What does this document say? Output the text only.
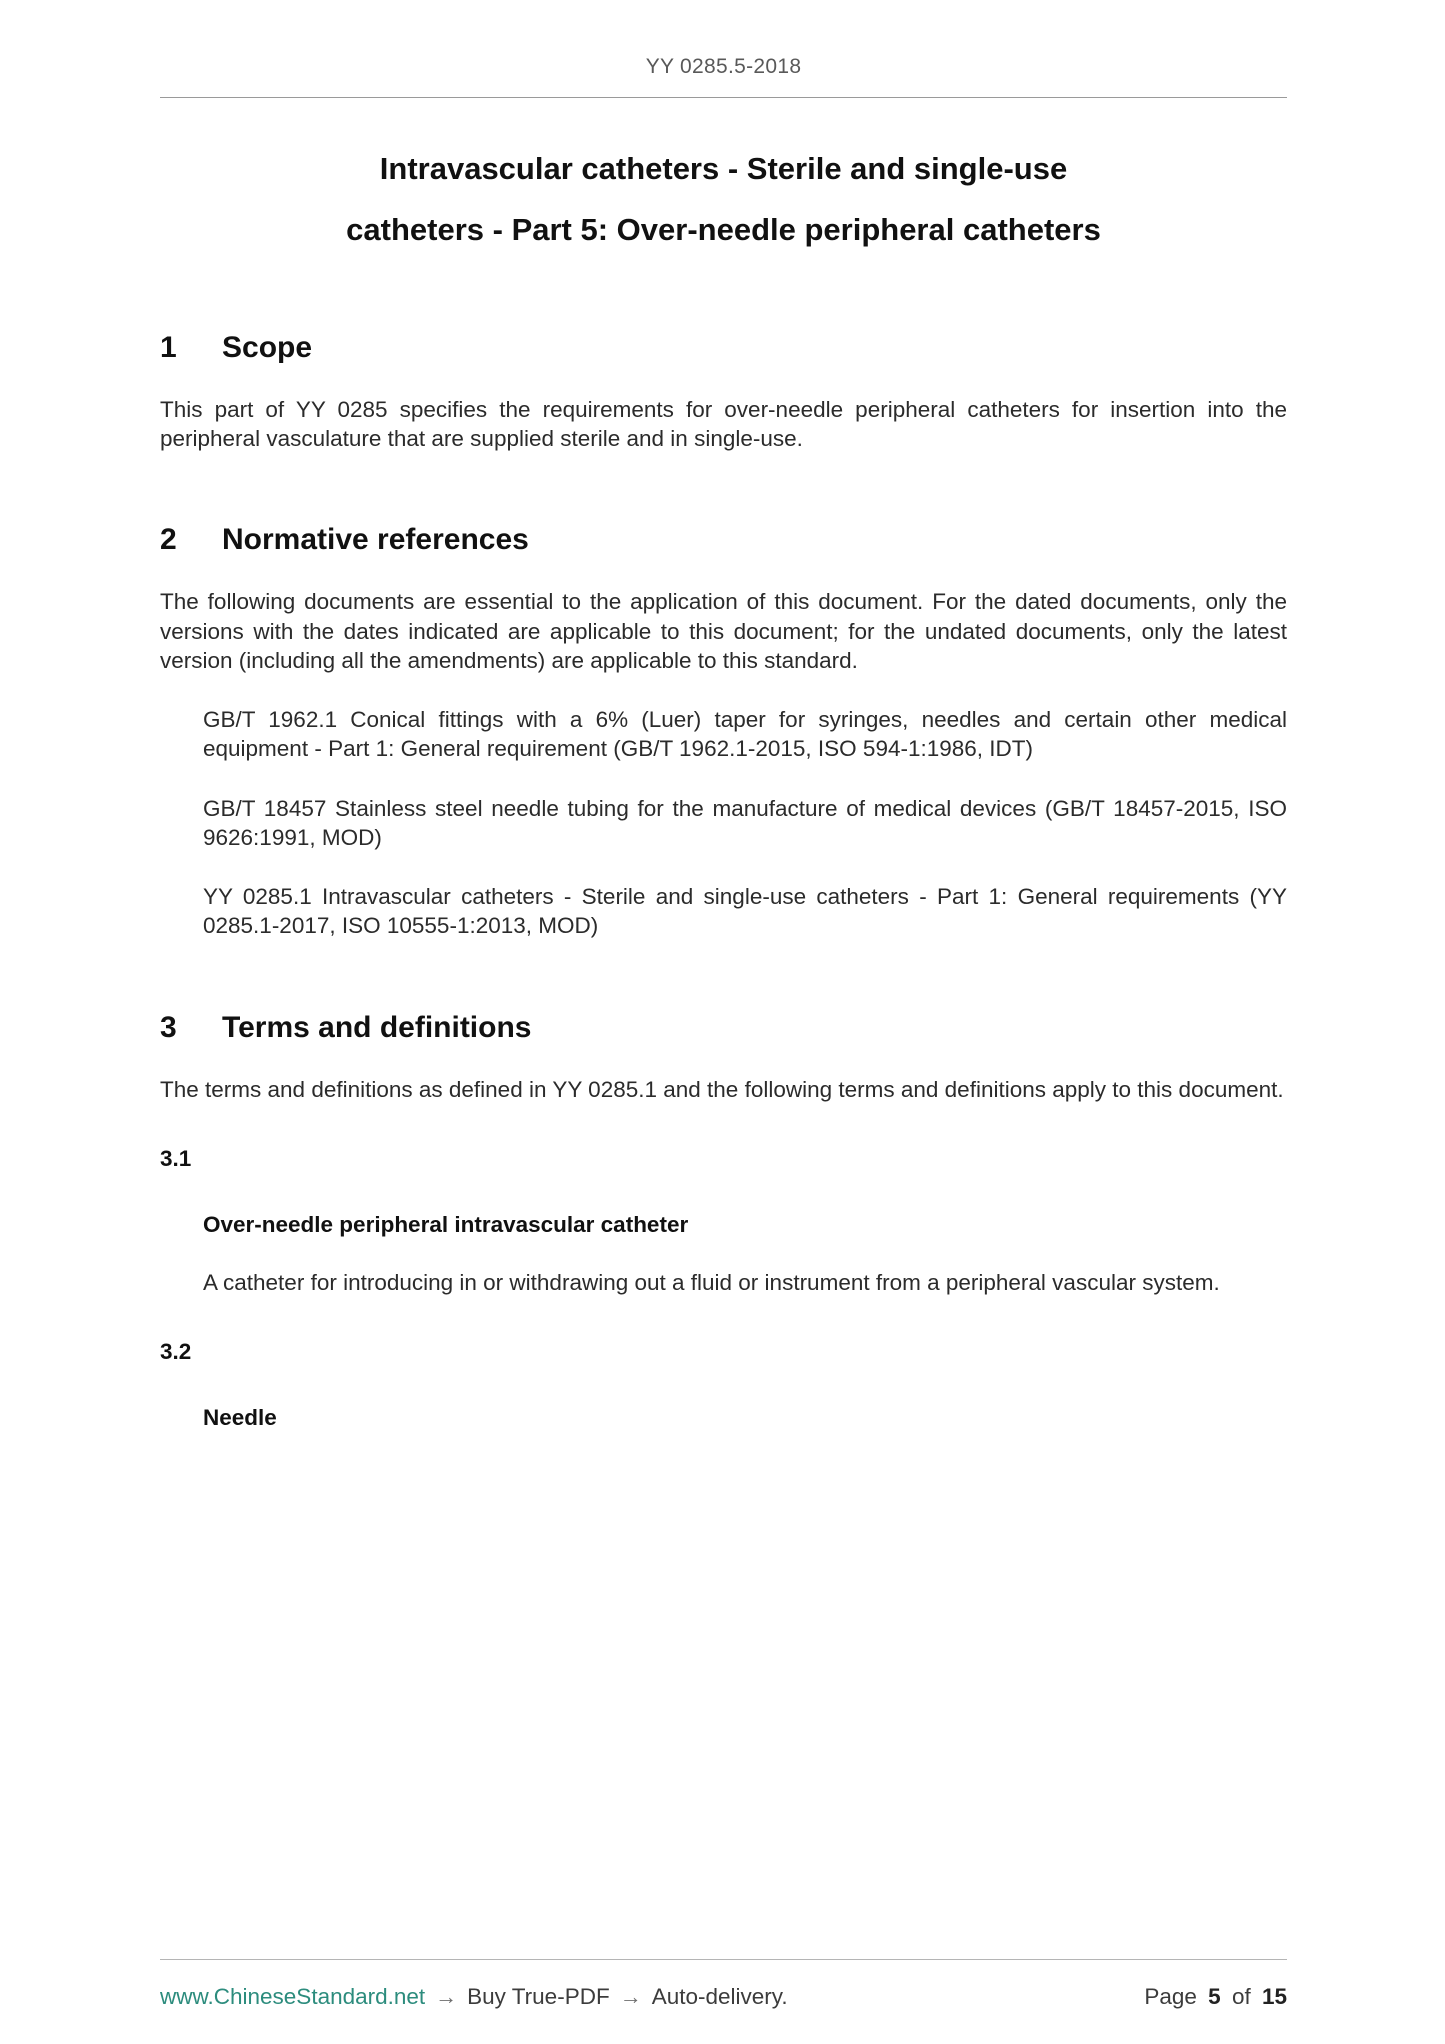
YY 0285.5-2018
Intravascular catheters - Sterile and single-use
catheters - Part 5: Over-needle peripheral catheters
1	Scope

This part of YY 0285 specifies the requirements for over-needle peripheral catheters for insertion into the peripheral vasculature that are supplied sterile and in single-use.

2	Normative references

The following documents are essential to the application of this document. For the dated documents, only the versions with the dates indicated are applicable to this document; for the undated documents, only the latest version (including all the amendments) are applicable to this standard.

GB/T 1962.1 Conical fittings with a 6% (Luer) taper for syringes, needles and certain other medical equipment - Part 1: General requirement (GB/T 1962.1-2015, ISO 594-1:1986, IDT)

GB/T 18457 Stainless steel needle tubing for the manufacture of medical devices (GB/T 18457-2015, ISO 9626:1991, MOD)

YY 0285.1 Intravascular catheters - Sterile and single-use catheters - Part 1: General requirements (YY 0285.1-2017, ISO 10555-1:2013, MOD)

3	Terms and definitions

The terms and definitions as defined in YY 0285.1 and the following terms and definitions apply to this document.

3.1
Over-needle peripheral intravascular catheter

A catheter for introducing in or withdrawing out a fluid or instrument from a peripheral vascular system.

3.2
Needle
www.ChineseStandard.net → Buy True-PDF → Auto-delivery.	Page 5 of 15
